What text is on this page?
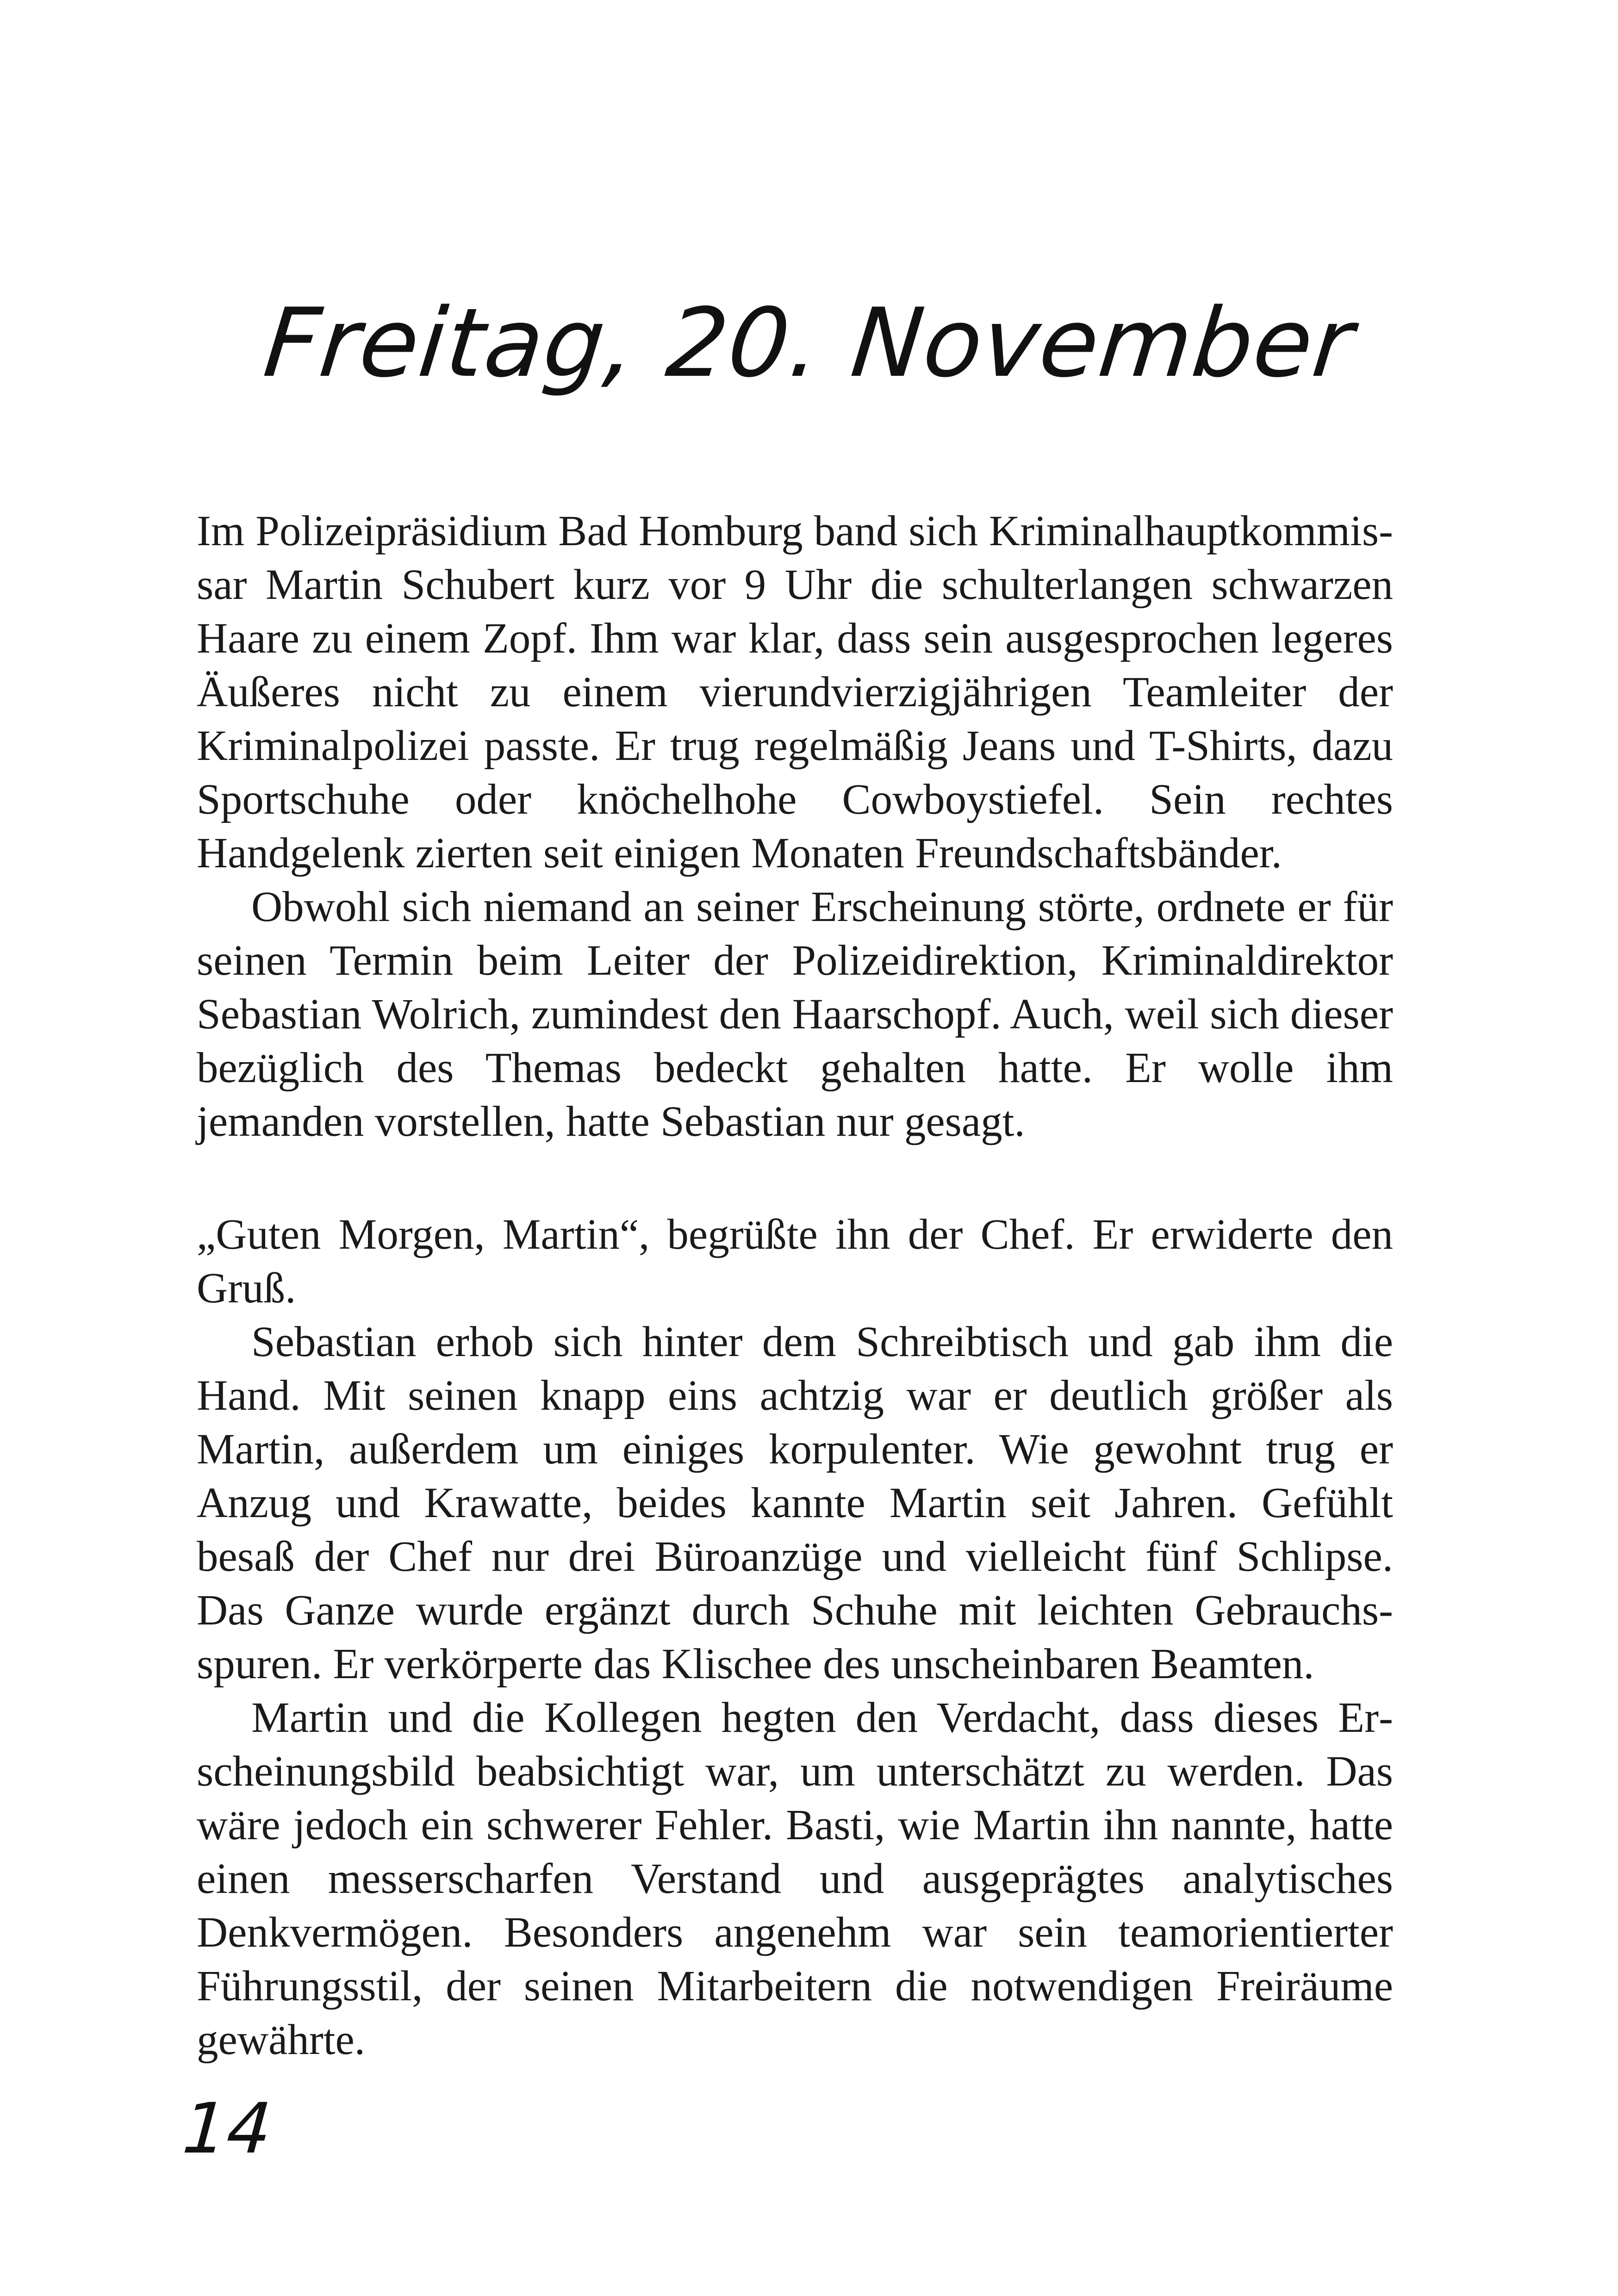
Freitag, 20. November

Im Polizeipräsidium Bad Homburg band sich Kriminalhauptkommissar Martin Schubert kurz vor 9 Uhr die schulterlangen schwarzen Haare zu einem Zopf. Ihm war klar, dass sein ausgesprochen legeres Äußeres nicht zu einem vierundvierzigjährigen Teamleiter der Kriminalpolizei passte. Er trug regelmäßig Jeans und T-Shirts, dazu Sportschuhe oder knöchelhohe Cowboystiefel. Sein rechtes Handgelenk zierten seit einigen Monaten Freundschaftsbänder.

Obwohl sich niemand an seiner Erscheinung störte, ordnete er für seinen Termin beim Leiter der Polizeidirektion, Kriminaldirektor Sebastian Wolrich, zumindest den Haarschopf. Auch, weil sich dieser bezüglich des Themas bedeckt gehalten hatte. Er wolle ihm jemanden vorstellen, hatte Sebastian nur gesagt.

„Guten Morgen, Martin“, begrüßte ihn der Chef. Er erwiderte den Gruß.

Sebastian erhob sich hinter dem Schreibtisch und gab ihm die Hand. Mit seinen knapp eins achtzig war er deutlich größer als Martin, außerdem um einiges korpulenter. Wie gewohnt trug er Anzug und Krawatte, beides kannte Martin seit Jahren. Gefühlt besaß der Chef nur drei Büroanzüge und vielleicht fünf Schlipse. Das Ganze wurde ergänzt durch Schuhe mit leichten Gebrauchsspuren. Er verkörperte das Klischee des unscheinbaren Beamten.

Martin und die Kollegen hegten den Verdacht, dass dieses Erscheinungsbild beabsichtigt war, um unterschätzt zu werden. Das wäre jedoch ein schwerer Fehler. Basti, wie Martin ihn nannte, hatte einen messerscharfen Verstand und ausgeprägtes analytisches Denkvermögen. Besonders angenehm war sein teamorientierter Führungsstil, der seinen Mitarbeitern die notwendigen Freiräume gewährte.

14
